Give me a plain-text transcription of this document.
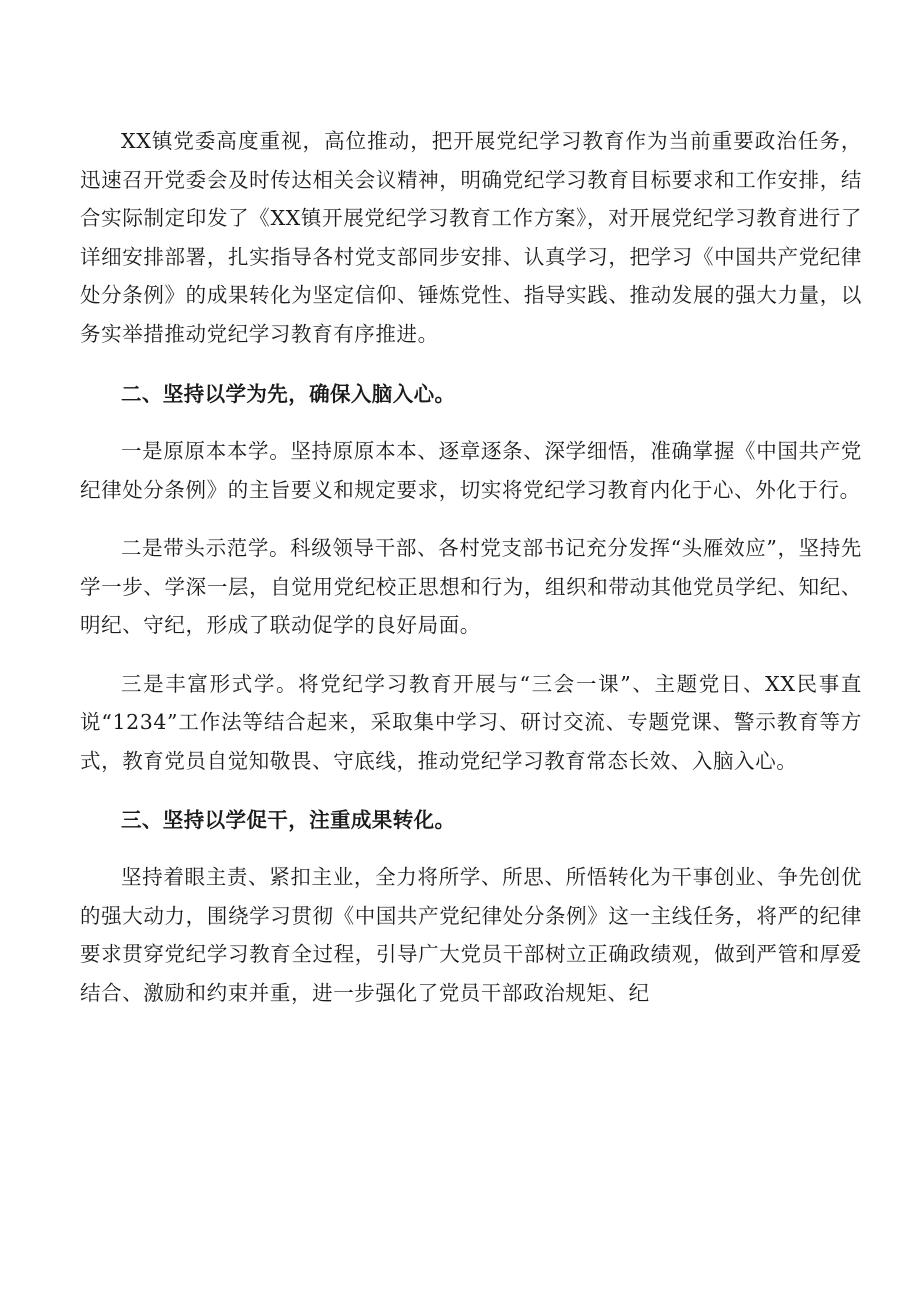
XX镇党委高度重视，高位推动，把开展党纪学习教育作为当前重要政治任务，迅速召开党委会及时传达相关会议精神，明确党纪学习教育目标要求和工作安排，结合实际制定印发了《XX镇开展党纪学习教育工作方案》，对开展党纪学习教育进行了详细安排部署，扎实指导各村党支部同步安排、认真学习，把学习《中国共产党纪律处分条例》的成果转化为坚定信仰、锤炼党性、指导实践、推动发展的强大力量，以务实举措推动党纪学习教育有序推进。

二、坚持以学为先，确保入脑入心。

一是原原本本学。坚持原原本本、逐章逐条、深学细悟，准确掌握《中国共产党纪律处分条例》的主旨要义和规定要求，切实将党纪学习教育内化于心、外化于行。

二是带头示范学。科级领导干部、各村党支部书记充分发挥“头雁效应”，坚持先学一步、学深一层，自觉用党纪校正思想和行为，组织和带动其他党员学纪、知纪、明纪、守纪，形成了联动促学的良好局面。

三是丰富形式学。将党纪学习教育开展与“三会一课”、主题党日、XX民事直说“1234”工作法等结合起来，采取集中学习、研讨交流、专题党课、警示教育等方式，教育党员自觉知敬畏、守底线，推动党纪学习教育常态长效、入脑入心。

三、坚持以学促干，注重成果转化。

坚持着眼主责、紧扣主业，全力将所学、所思、所悟转化为干事创业、争先创优的强大动力，围绕学习贯彻《中国共产党纪律处分条例》这一主线任务，将严的纪律要求贯穿党纪学习教育全过程，引导广大党员干部树立正确政绩观，做到严管和厚爱结合、激励和约束并重，进一步强化了党员干部政治规矩、纪
